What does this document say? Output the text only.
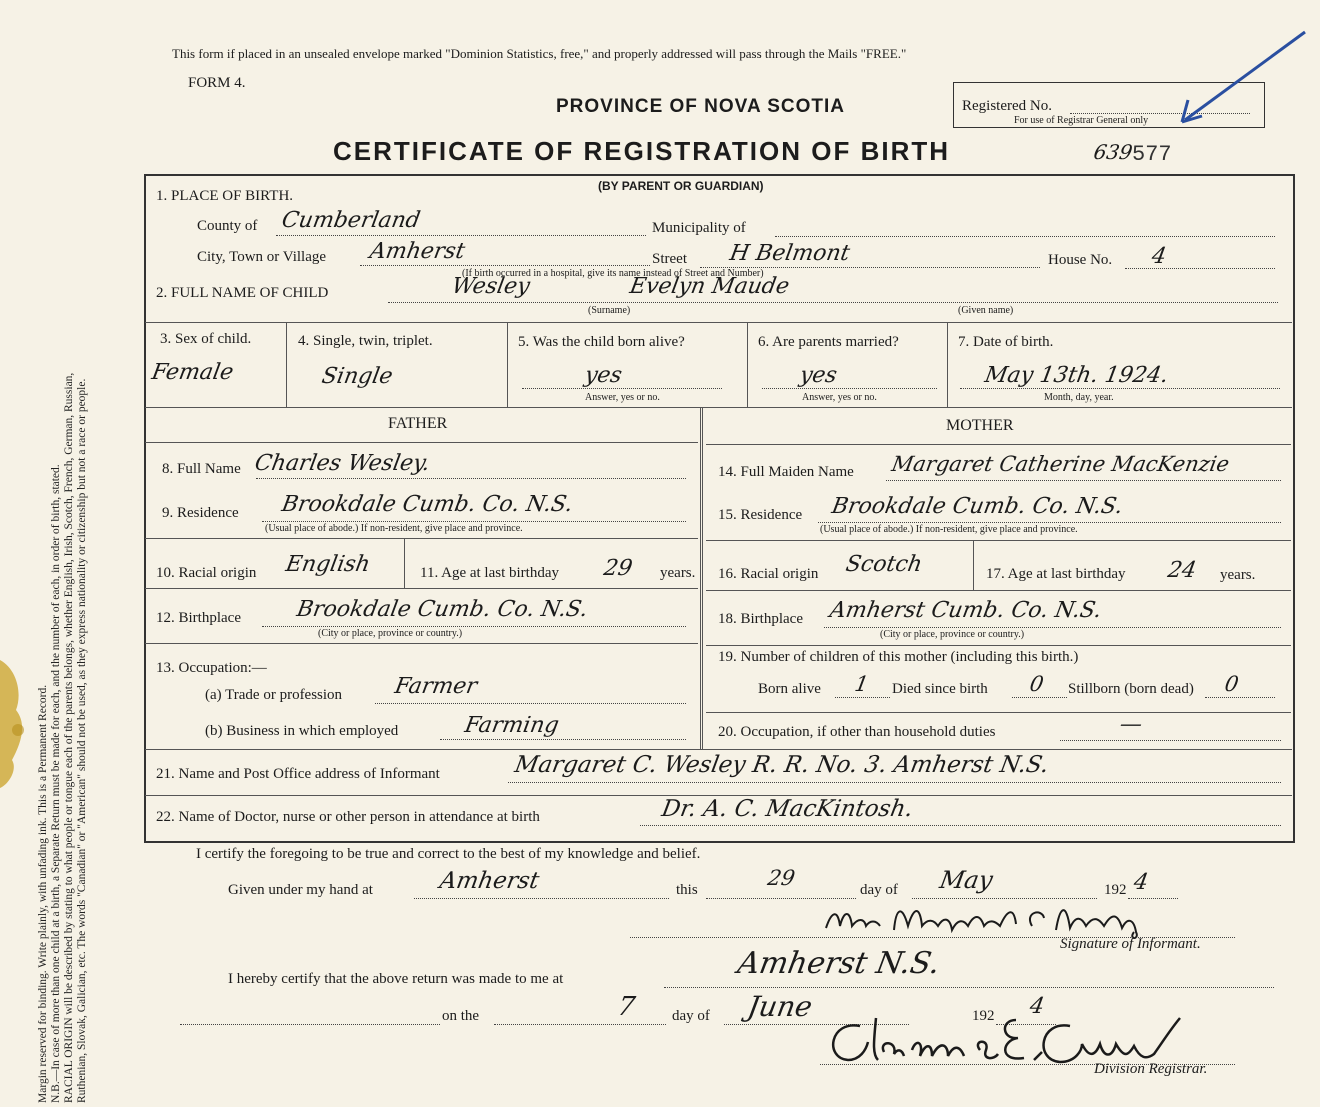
Margin reserved for binding. Write plainly, with unfading ink. This is a Permanent Record. N.B.—In case of more than one child at a birth, a Separate Return must be made for each, and the number of each, in order of birth, stated. RACIAL ORIGIN will be described by stating to what people or tongue each of the parents belongs, whether English, Irish, Scotch, French, German, Russian, Ruthenian, Slovak, Galician, etc. The words "Canadian" or "American" should not be used, as they express nationality or citizenship but not a race or people.
This form if placed in an unsealed envelope marked "Dominion Statistics, free," and properly addressed will pass through the Mails "FREE."
FORM 4.
PROVINCE OF NOVA SCOTIA
CERTIFICATE OF REGISTRATION OF BIRTH
(BY PARENT OR GUARDIAN)
Registered No.
For use of Registrar General only
639
577
1. PLACE OF BIRTH.
County of Cumberland	Municipality of
City, Town or Village Amherst	Street H Belmont	House No. 4
(If birth occurred in a hospital, give its name instead of Street and Number)
2. FULL NAME OF CHILD	Wesley	Evelyn Maude
(Surname)	(Given name)
3. Sex of child.
Female
4. Single, twin, triplet.
Single
5. Was the child born alive?
yes
Answer, yes or no.
6. Are parents married?
yes
Answer, yes or no.
7. Date of birth.
May 13th. 1924.
Month, day, year.
FATHER	MOTHER
8. Full Name Charles Wesley.
9. Residence Brookdale Cumb. Co. N.S.
(Usual place of abode.) If non-resident, give place and province.
14. Full Maiden Name Margaret Catherine MacKenzie
15. Residence Brookdale Cumb. Co. N.S.
(Usual place of abode.) If non-resident, give place and province.
10. Racial origin English	11. Age at last birthday 29 years. 16. Racial origin Scotch	17. Age at last birthday 24 years.
12. Birthplace Brookdale Cumb. Co. N.S.
(City or place, province or country.)
18. Birthplace Amherst Cumb. Co. N.S.
(City or place, province or country.)
13. Occupation:—
(a) Trade or profession Farmer
(b) Business in which employed	Farming
19. Number of children of this mother (including this birth.)
Born alive 1 Died since birth 0 Stillborn (born dead) 0
20. Occupation, if other than household duties	—
21. Name and Post Office address of Informant	Margaret C. Wesley R. R. No. 3. Amherst N.S.
22. Name of Doctor, nurse or other person in attendance at birth	Dr. A. C. MacKintosh.
I certify the foregoing to be true and correct to the best of my knowledge and belief.
Given under my hand at	Amherst	this	29	day of May	192 4
Signature of Informant.
I hereby certify that the above return was made to me at	Amherst N.S.
on the	7 day of June	192 4
Division Registrar.
